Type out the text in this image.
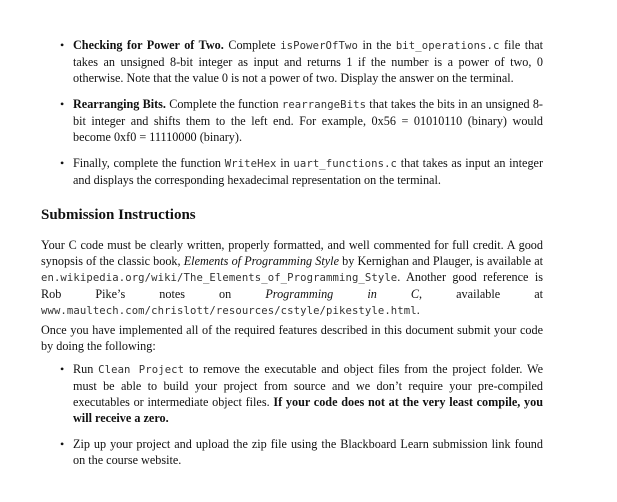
• Checking for Power of Two. Complete isPowerOfTwo in the bit_operations.c file that takes an unsigned 8-bit integer as input and returns 1 if the number is a power of two, 0 otherwise. Note that the value 0 is not a power of two. Display the answer on the terminal.
• Rearranging Bits. Complete the function rearrangeBits that takes the bits in an unsigned 8-bit integer and shifts them to the left end. For example, 0x56 = 01010110 (binary) would become 0xf0 = 11110000 (binary).
• Finally, complete the function WriteHex in uart_functions.c that takes as input an integer and displays the corresponding hexadecimal representation on the terminal.
Submission Instructions

Your C code must be clearly written, properly formatted, and well commented for full credit. A good synopsis of the classic book, Elements of Programming Style by Kernighan and Plauger, is available at en.wikipedia.org/wiki/The_Elements_of_Programming_Style. Another good reference is Rob Pike’s notes on Programming in C, available at www.maultech.com/chrislott/resources/cstyle/pikestyle.html.

Once you have implemented all of the required features described in this document submit your code by doing the following:

• Run Clean Project to remove the executable and object files from the project folder. We must be able to build your project from source and we don’t require your pre-compiled executables or intermediate object files. If your code does not at the very least compile, you will receive a zero.
• Zip up your project and upload the zip file using the Blackboard Learn submission link found on the course website.
